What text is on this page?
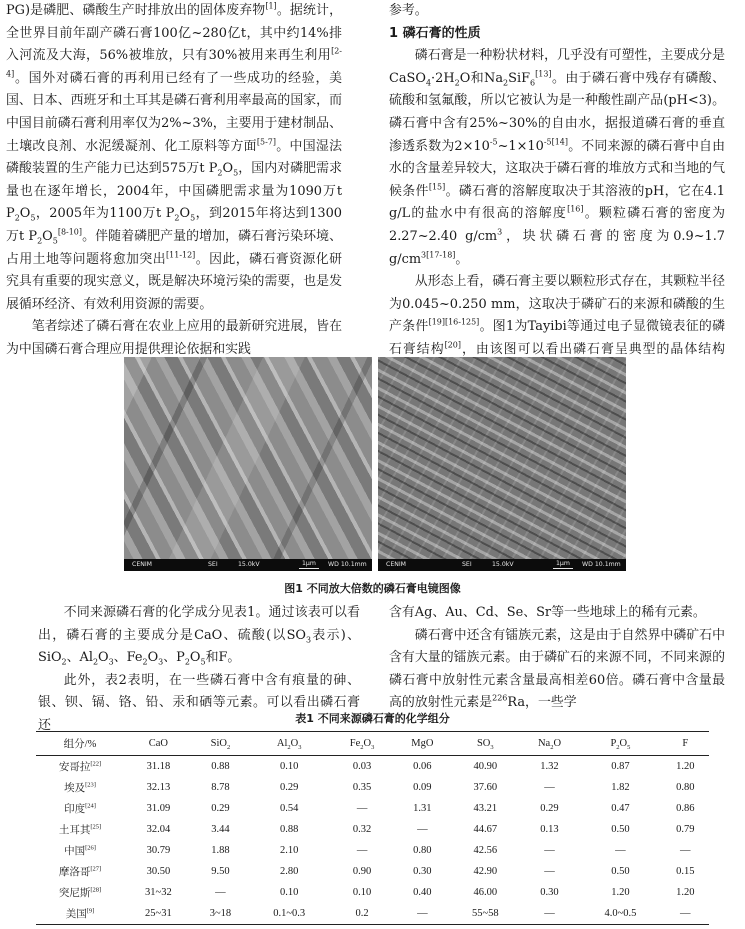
PG)是磷肥、磷酸生产时排放出的固体废弃物[1]。据统计，全世界目前年副产磷石膏100亿~280亿t，其中约14%排入河流及大海，56%被堆放，只有30%被用来再生利用[2-4]。国外对磷石膏的再利用已经有了一些成功的经验，美国、日本、西班牙和土耳其是磷石膏利用率最高的国家，而中国目前磷石膏利用率仅为2%~3%，主要用于建材制品、土壤改良剂、水泥缓凝剂、化工原料等方面[5-7]。中国湿法磷酸装置的生产能力已达到575万t $P_2O_5$，国内对磷肥需求量也在逐年增长，2004年，中国磷肥需求量为1090万t $P_2O_5$，2005年为1100万t $P_2O_5$，到2015年将达到1300万t $P_2O_5[8-10]$。伴随着磷肥产量的增加，磷石膏污染环境、占用土地等问题将愈加突出[11-12]。因此，磷石膏资源化研究具有重要的现实意义，既是解决环境污染的需要，也是发展循环经济、有效利用资源的需要。

笔者综述了磷石膏在农业上应用的最新研究进展，皆在为中国磷石膏合理应用提供理论依据和实践

参考。

1 磷石膏的性质

磷石膏是一种粉状材料，几乎没有可塑性，主要成分是$CaSO_4\cdot 2H_2O$和$Na_2SiF_6[13]$。由于磷石膏中残存有磷酸、硫酸和氢氟酸，所以它被认为是一种酸性副产品(pH<3)。磷石膏中含有25%~30%的自由水，据报道磷石膏的垂直渗透系数为$2\times 10^{-5}\sim 1\times 10^{-5[14]}$。不同来源的磷石膏中自由水的含量差异较大，这取决于磷石膏的堆放方式和当地的气候条件[15]。磷石膏的溶解度取决于其溶液的pH，它在4.1 g/L的盐水中有很高的溶解度[16]。颗粒磷石膏的密度为2.27~2.40 $g/cm^3$，块状磷石膏的密度为0.9~1.7 $g/cm^{3[17-18]}$。

从形态上看，磷石膏主要以颗粒形式存在，其颗粒半径为0.045~0.250 mm，这取决于磷矿石的来源和磷酸的生产条件[19][16-125]。图1为Tayibi等通过电子显微镜表征的磷石膏结构[20]，由该图可以看出磷石膏呈典型的晶体结构

CENIM	SEI	15.0kV	1μm	WD 10.1mm	CENIM	SEI	15.0kV	1μm	WD 10.1mm
图1 不同放大倍数的磷石膏电镜图像

不同来源磷石膏的化学成分见表1。通过该表可以看出，磷石膏的主要成分是CaO、硫酸(以$SO_3$表示)、SiO$_2$、$Al_2O_3$、$Fe_2O_3$、$P_2O_5$和F。

此外，表2表明，在一些磷石膏中含有痕量的砷、银、钡、镉、铬、铅、汞和硒等元素。可以看出磷石膏还

含有Ag、Au、Cd、Se、Sr等一些地球上的稀有元素。

磷石膏中还含有镭族元素，这是由于自然界中磷矿石中含有大量的镭族元素。由于磷矿石的来源不同，不同来源的磷石膏中放射性元素含量最高相差60倍。磷石膏中含量最高的放射性元素是$^{226}$Ra，一些学

表1 不同来源磷石膏的化学组分
组分/%	CaO	SiO$_2$	$Al_2O_3$	$Fe_2O_3$	MgO	$SO_3$	$Na_2O$	$P_2O_5$	F
安哥拉[22]	31.18	0.88	0.10	0.03	0.06	40.90	1.32	0.87	1.20
埃及[23]	32.13	8.78	0.29	0.35	0.09	37.60	—	1.82	0.80
印度[24]	31.09	0.29	0.54	—	1.31	43.21	0.29	0.47	0.86
土耳其[25]	32.04	3.44	0.88	0.32	—	44.67	0.13	0.50	0.79
中国[26]	30.79	1.88	2.10	—	0.80	42.56	—	—	—
摩洛哥[27]	30.50	9.50	2.80	0.90	0.30	42.90	—	0.50	0.15
突尼斯[28]	31~32	—	0.10	0.10	0.40	46.00	0.30	1.20	1.20
美国[9]	25~31	3~18	0.1~0.3	0.2	—	55~58	—	4.0~0.5	—
